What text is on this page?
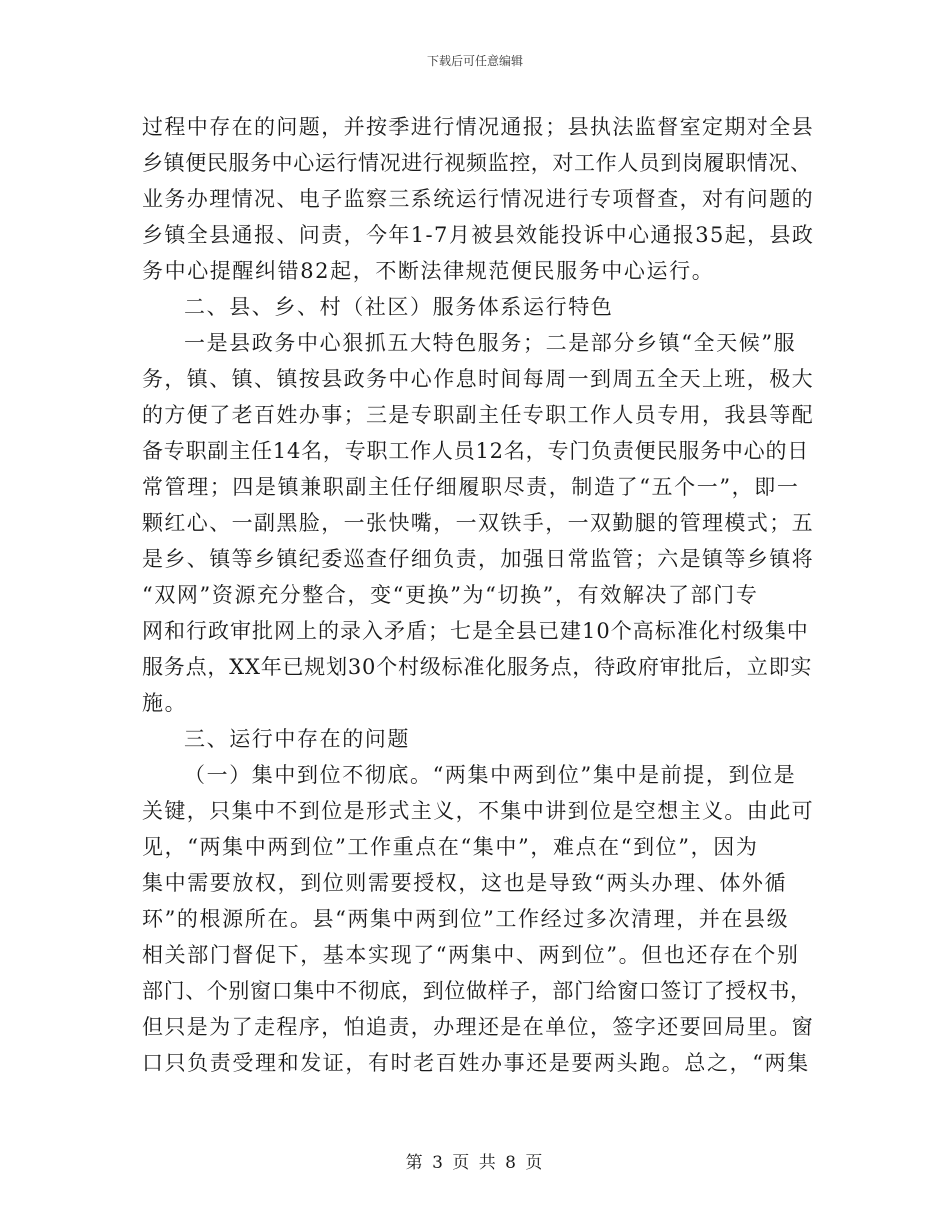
下载后可任意编辑
过程中存在的问题，并按季进行情况通报；县执法监督室定期对全县
乡镇便民服务中心运行情况进行视频监控，对工作人员到岗履职情况、
业务办理情况、电子监察三系统运行情况进行专项督查，对有问题的
乡镇全县通报、问责，今年1-7月被县效能投诉中心通报35起，县政
务中心提醒纠错82起，不断法律规范便民服务中心运行。
二、县、乡、村（社区）服务体系运行特色
一是县政务中心狠抓五大特色服务；二是部分乡镇“全天候”服
务，镇、镇、镇按县政务中心作息时间每周一到周五全天上班，极大
的方便了老百姓办事；三是专职副主任专职工作人员专用，我县等配
备专职副主任14名，专职工作人员12名，专门负责便民服务中心的日
常管理；四是镇兼职副主任仔细履职尽责，制造了“五个一”，即一
颗红心、一副黑脸，一张快嘴，一双铁手，一双勤腿的管理模式；五
是乡、镇等乡镇纪委巡查仔细负责，加强日常监管；六是镇等乡镇将
“双网”资源充分整合，变“更换”为“切换”，有效解决了部门专
网和行政审批网上的录入矛盾；七是全县已建10个高标准化村级集中
服务点，XX年已规划30个村级标准化服务点，待政府审批后，立即实
施。
三、运行中存在的问题
（一）集中到位不彻底。“两集中两到位”集中是前提，到位是
关键，只集中不到位是形式主义，不集中讲到位是空想主义。由此可
见，“两集中两到位”工作重点在“集中”，难点在“到位”，因为
集中需要放权，到位则需要授权，这也是导致“两头办理、体外循
环”的根源所在。县“两集中两到位”工作经过多次清理，并在县级
相关部门督促下，基本实现了“两集中、两到位”。但也还存在个别
部门、个别窗口集中不彻底，到位做样子，部门给窗口签订了授权书，
但只是为了走程序，怕追责，办理还是在单位，签字还要回局里。窗
口只负责受理和发证，有时老百姓办事还是要两头跑。总之，“两集
第 3 页 共 8 页
